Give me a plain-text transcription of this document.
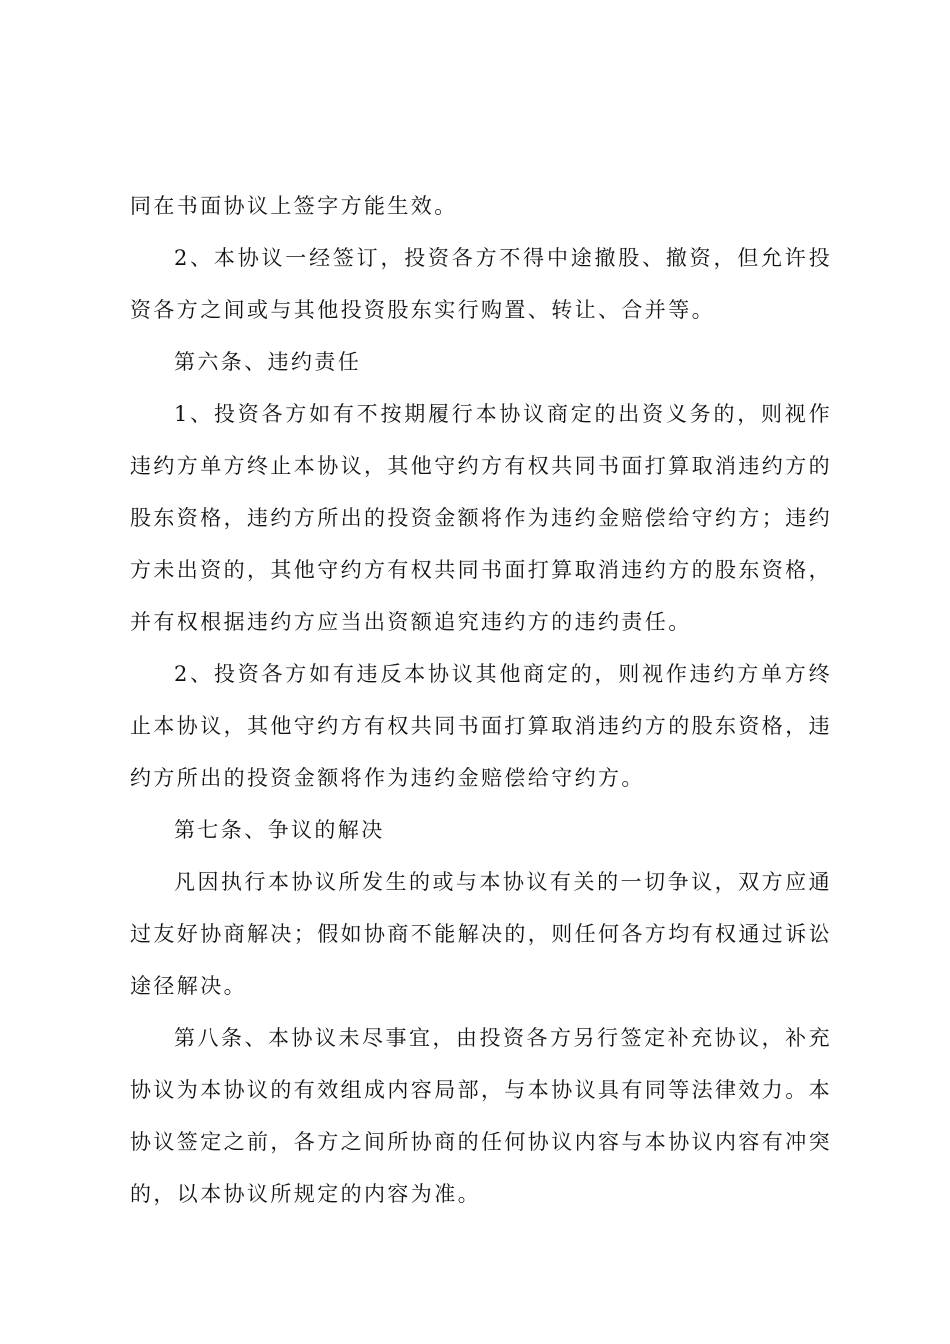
同在书面协议上签字方能生效。

2、本协议一经签订，投资各方不得中途撤股、撤资，但允许投资各方之间或与其他投资股东实行购置、转让、合并等。

第六条、违约责任

1、投资各方如有不按期履行本协议商定的出资义务的，则视作违约方单方终止本协议，其他守约方有权共同书面打算取消违约方的股东资格，违约方所出的投资金额将作为违约金赔偿给守约方；违约方未出资的，其他守约方有权共同书面打算取消违约方的股东资格，并有权根据违约方应当出资额追究违约方的违约责任。

2、投资各方如有违反本协议其他商定的，则视作违约方单方终止本协议，其他守约方有权共同书面打算取消违约方的股东资格，违约方所出的投资金额将作为违约金赔偿给守约方。

第七条、争议的解决

凡因执行本协议所发生的或与本协议有关的一切争议，双方应通过友好协商解决；假如协商不能解决的，则任何各方均有权通过诉讼途径解决。

第八条、本协议未尽事宜，由投资各方另行签定补充协议，补充协议为本协议的有效组成内容局部，与本协议具有同等法律效力。本协议签定之前，各方之间所协商的任何协议内容与本协议内容有冲突的，以本协议所规定的内容为准。
